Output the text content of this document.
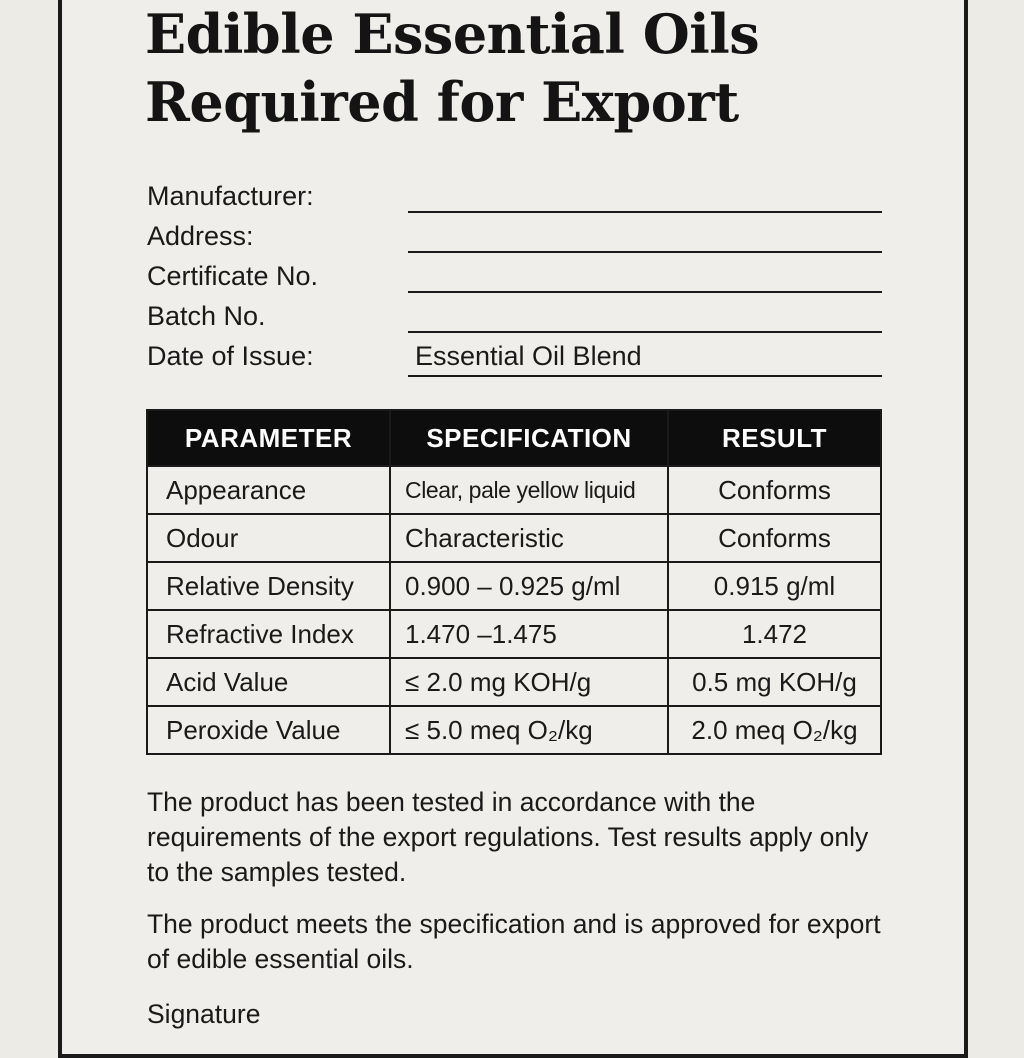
Edible Essential Oils
Required for Export
Manufacturer:
Address:
Certificate No.
Batch No.
Date of Issue:	Essential Oil Blend
PARAMETER	SPECIFICATION	RESULT
Appearance	Clear, pale yellow liquid	Conforms
Odour	Characteristic	Conforms
Relative Density	0.900 – 0.925 g/ml	0.915 g/ml
Refractive Index	1.470 –1.475	1.472
Acid Value	≤ 2.0 mg KOH/g	0.5 mg KOH/g
Peroxide Value	≤ 5.0 meq O₂/kg	2.0 meq O₂/kg

The product has been tested in accordance with the requirements of the export regulations. Test results apply only to the samples tested.

The product meets the specification and is approved for export of edible essential oils.

Signature
